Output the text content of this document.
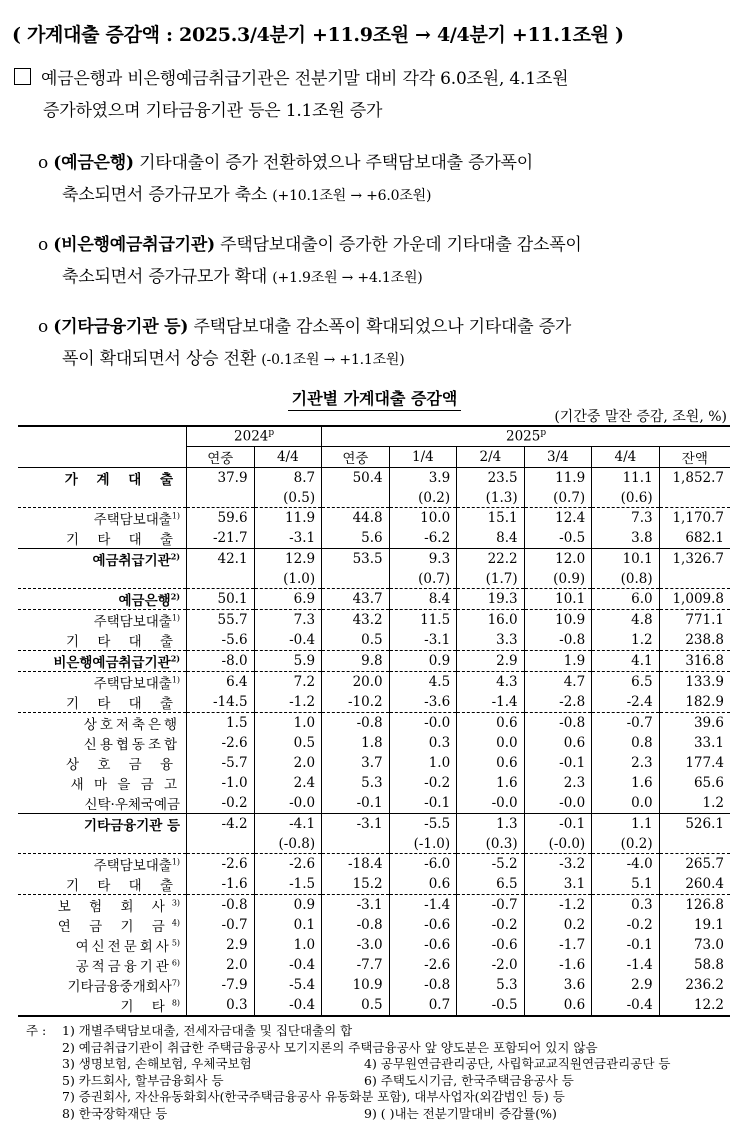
( 가계대출 증감액 : 2025.3/4분기 +11.9조원 → 4/4분기 +11.1조원 )
예금은행과 비은행예금취급기관은 전분기말 대비 각각 6.0조원, 4.1조원
증가하였으며 기타금융기관 등은 1.1조원 증가
o (예금은행) 기타대출이 증가 전환하였으나 주택담보대출 증가폭이
축소되면서 증가규모가 축소 (+10.1조원 → +6.0조원)
o (비은행예금취급기관) 주택담보대출이 증가한 가운데 기타대출 감소폭이
축소되면서 증가규모가 확대 (+1.9조원 → +4.1조원)
o (기타금융기관 등) 주택담보대출 감소폭이 확대되었으나 기타대출 증가
폭이 확대되면서 상승 전환 (-0.1조원 → +1.1조원)
기관별 가계대출 증감액
(기간중 말잔 증감, 조원, %)
	2024$^p$		2025$^p$
	연중	4/4	연중	1/4	2/4	3/4	4/4	잔액
가 계 대 출	37.9	8.7	50.4	3.9	23.5	11.9	11.1	1,852.7
		(0.5)		(0.2)	(1.3)	(0.7)	(0.6)	
주택담보대출$^{1)}$	59.6	11.9	44.8	10.0	15.1	12.4	7.3	1,170.7
기 타 대 출	-21.7	-3.1	5.6	-6.2	8.4	-0.5	3.8	682.1
예금취급기관$^{2)}$	42.1	12.9	53.5	9.3	22.2	12.0	10.1	1,326.7
		(1.0)		(0.7)	(1.7)	(0.9)	(0.8)	
예금은행$^{2)}$	50.1	6.9	43.7	8.4	19.3	10.1	6.0	1,009.8
주택담보대출$^{1)}$	55.7	7.3	43.2	11.5	16.0	10.9	4.8	771.1
기 타 대 출	-5.6	-0.4	0.5	-3.1	3.3	-0.8	1.2	238.8
비은행예금취급기관$^{2)}$	-8.0	5.9	9.8	0.9	2.9	1.9	4.1	316.8
주택담보대출$^{1)}$	6.4	7.2	20.0	4.5	4.3	4.7	6.5	133.9
기 타 대 출	-14.5	-1.2	-10.2	-3.6	-1.4	-2.8	-2.4	182.9
상호저축은행	1.5	1.0	-0.8	-0.0	0.6	-0.8	-0.7	39.6
신용협동조합	-2.6	0.5	1.8	0.3	0.0	0.6	0.8	33.1
상 호 금 융	-5.7	2.0	3.7	1.0	0.6	-0.1	2.3	177.4
새 마 을 금 고	-1.0	2.4	5.3	-0.2	1.6	2.3	1.6	65.6
신탁·우체국예금	-0.2	-0.0	-0.1	-0.1	-0.0	-0.0	0.0	1.2
기타금융기관 등	-4.2	-4.1	-3.1	-5.5	1.3	-0.1	1.1	526.1
		(-0.8)		(-1.0)	(0.3)	(-0.0)	(0.2)	
주택담보대출$^{1)}$	-2.6	-2.6	-18.4	-6.0	-5.2	-3.2	-4.0	265.7
기 타 대 출	-1.6	-1.5	15.2	0.6	6.5	3.1	5.1	260.4
보 험 회 사$^{3)}$	-0.8	0.9	-3.1	-1.4	-0.7	-1.2	0.3	126.8
연 금 기 금$^{4)}$	-0.7	0.1	-0.8	-0.6	-0.2	0.2	-0.2	19.1
여신전문회사$^{5)}$	2.9	1.0	-3.0	-0.6	-0.6	-1.7	-0.1	73.0
공적금융기관$^{6)}$	2.0	-0.4	-7.7	-2.6	-2.0	-1.6	-1.4	58.8
기타금융중개회사$^{7)}$	-7.9	-5.4	10.9	-0.8	5.3	3.6	2.9	236.2
기 타$^{8)}$	0.3	-0.4	0.5	0.7	-0.5	0.6	-0.4	12.2
주 : 1) 개별주택담보대출, 전세자금대출 및 집단대출의 합
2) 예금취급기관이 취급한 주택금융공사 모기지론의 주택금융공사 앞 양도분은 포함되어 있지 않음
3) 생명보험, 손해보험, 우체국보험	4) 공무원연금관리공단, 사립학교교직원연금관리공단 등
5) 카드회사, 할부금융회사 등	6) 주택도시기금, 한국주택금융공사 등
7) 증권회사, 자산유동화회사(한국주택금융공사 유동화분 포함), 대부사업자(외감법인 등) 등
8) 한국장학재단 등	9) ( )내는 전분기말대비 증감률(%)
